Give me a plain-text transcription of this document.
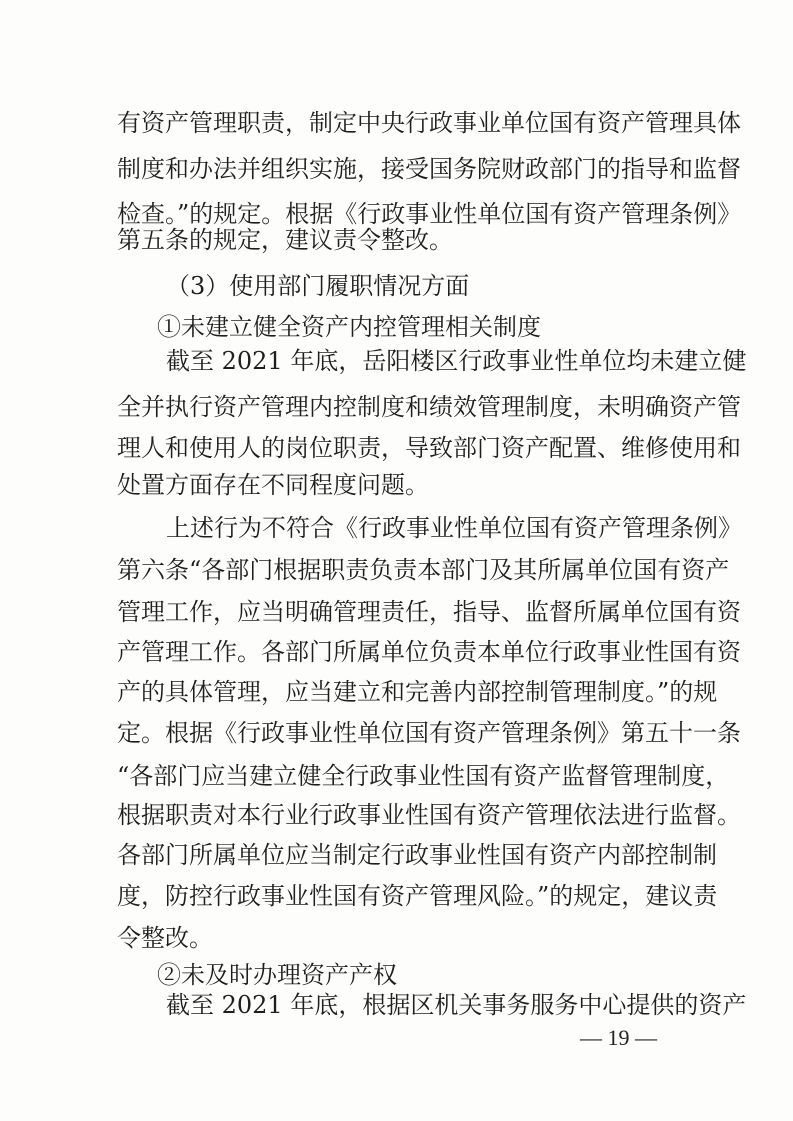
有资产管理职责，制定中央行政事业单位国有资产管理具体

制度和办法并组织实施，接受国务院财政部门的指导和监督

检查。”的规定。根据《行政事业性单位国有资产管理条例》

第五条的规定，建议责令整改。

（3）使用部门履职情况方面

①未建立健全资产内控管理相关制度

截至 2021 年底，岳阳楼区行政事业性单位均未建立健

全并执行资产管理内控制度和绩效管理制度，未明确资产管

理人和使用人的岗位职责，导致部门资产配置、维修使用和

处置方面存在不同程度问题。

上述行为不符合《行政事业性单位国有资产管理条例》

第六条“各部门根据职责负责本部门及其所属单位国有资产

管理工作，应当明确管理责任，指导、监督所属单位国有资

产管理工作。各部门所属单位负责本单位行政事业性国有资

产的具体管理，应当建立和完善内部控制管理制度。”的规

定。根据《行政事业性单位国有资产管理条例》第五十一条

“各部门应当建立健全行政事业性国有资产监督管理制度，

根据职责对本行业行政事业性国有资产管理依法进行监督。

各部门所属单位应当制定行政事业性国有资产内部控制制

度，防控行政事业性国有资产管理风险。”的规定，建议责

令整改。

②未及时办理资产产权

截至 2021 年底，根据区机关事务服务中心提供的资产

— 19 —
